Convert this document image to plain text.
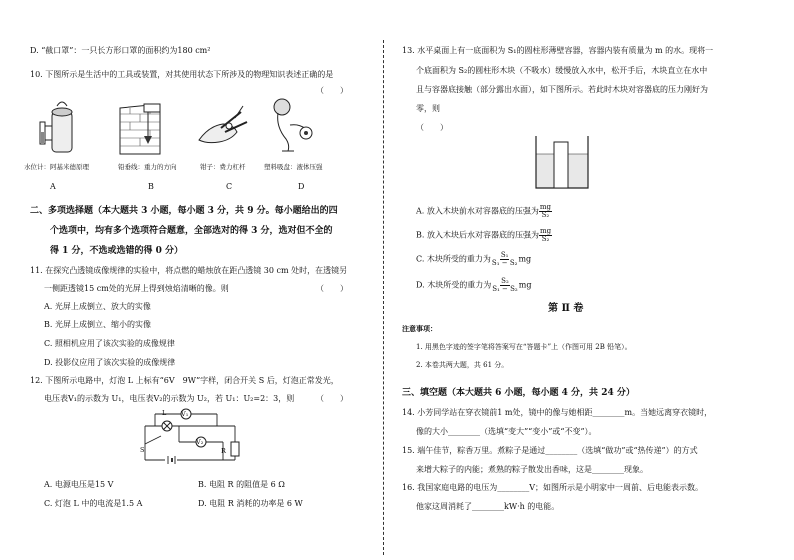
D. “截口罩”：一只长方形口罩的面积约为180 cm²
10. 下图所示是生活中的工具或装置，对其使用状态下所涉及的物理知识表述正确的是
（　　）
水位计：阿基米德原理	铅垂线：重力的方向	钳子：费力杠杆	塑料吸盘：液体压强
A	B	C	D
二、多项选择题（本大题共 3 小题，每小题 3 分，共 9 分。每小题给出的四
个选项中，均有多个选项符合题意，全部选对的得 3 分，选对但不全的
得 1 分，不选或选错的得 0 分）
11. 在探究凸透镜成像规律的实验中，将点燃的蜡烛放在距凸透镜 30 cm 处时，在透镜另
一侧距透镜15 cm处的光屏上得到烛焰清晰的像。则	（　　）
A. 光屏上成倒立、放大的实像
B. 光屏上成倒立、缩小的实像
C. 照相机应用了该次实验的成像规律
D. 投影仪应用了该次实验的成像规律
12. 下图所示电路中，灯泡 L 上标有“6V　9W”字样，闭合开关 S 后，灯泡正常发光，
电压表V₁的示数为 U₁，电压表V₂的示数为 U₂，若 U₁：U₂=2：3，则	（　　）
V₁
L
V₂
R
S
A. 电源电压是15 V	B. 电阻 R 的阻值是 6 Ω
C. 灯泡 L 中的电流是1.5 A	D. 电阻 R 消耗的功率是 6 W
13. 水平桌面上有一底面积为 S₁的圆柱形薄壁容器，容器内装有质量为 m 的水。现将一
个底面积为 S₂的圆柱形木块（不吸水）缓慢放入水中，松开手后，木块直立在水中
且与容器底接触（部分露出水面），如下图所示。若此时木块对容器底的压力刚好为
零，则
（　　）
A. 放入木块前水对容器底的压强为 $\frac{mg}{\text{S₂}}$
B. 放入木块后水对容器底的压强为 $\frac{mg}{\text{S₂}}$
C. 木块所受的重力为 $\frac{\text{S₁}}{\text{S₁ − S₂}}$ mg
D. 木块所受的重力为 $\frac{\text{S₂}}{\text{S₁ − S₂}}$ mg
第 Ⅱ 卷
注意事项：
1. 用黑色字迹的签字笔将答案写在“答题卡”上（作图可用 2B 铅笔）。
2. 本卷共两大题，共 61 分。
三、填空题（本大题共 6 小题，每小题 4 分，共 24 分）
14. 小芳同学站在穿衣镜前1 m处，镜中的像与她相距________m。当她远离穿衣镜时，
像的大小________（选填“变大”“变小”或“不变”）。
15. 端午佳节，粽香万里。煮粽子是通过________（选填“做功”或“热传递”）的方式
来增大粽子的内能；煮熟的粽子散发出香味，这是________现象。
16. 我国家庭电路的电压为________V；如图所示是小明家中一周前、后电能表示数。
他家这周消耗了________kW·h 的电能。
